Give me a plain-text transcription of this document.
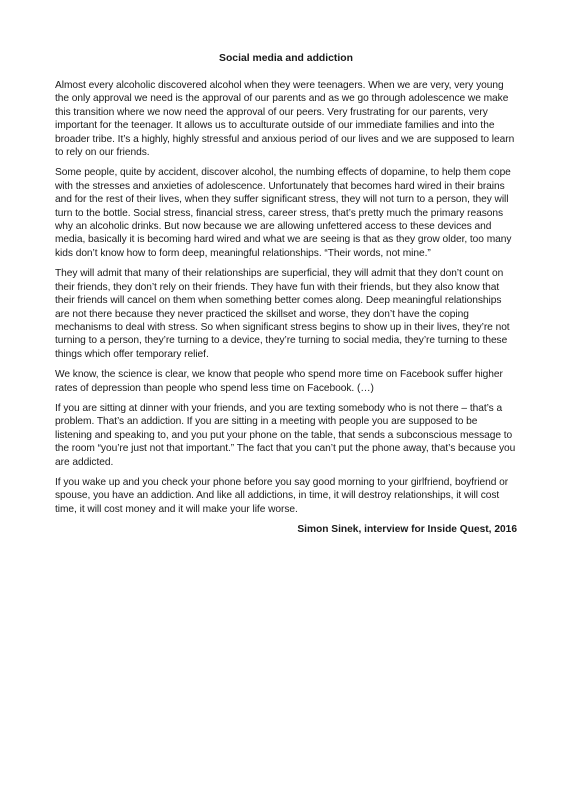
Social media and addiction

Almost every alcoholic discovered alcohol when they were teenagers. When we are very, very young the only approval we need is the approval of our parents and as we go through adolescence we make this transition where we now need the approval of our peers. Very frustrating for our parents, very important for the teenager. It allows us to acculturate outside of our immediate families and into the broader tribe. It’s a highly, highly stressful and anxious period of our lives and we are supposed to learn to rely on our friends.

Some people, quite by accident, discover alcohol, the numbing effects of dopamine, to help them cope with the stresses and anxieties of adolescence. Unfortunately that becomes hard wired in their brains and for the rest of their lives, when they suffer significant stress, they will not turn to a person, they will turn to the bottle. Social stress, financial stress, career stress, that’s pretty much the primary reasons why an alcoholic drinks. But now because we are allowing unfettered access to these devices and media, basically it is becoming hard wired and what we are seeing is that as they grow older, too many kids don’t know how to form deep, meaningful relationships. “Their words, not mine.”

They will admit that many of their relationships are superficial, they will admit that they don’t count on their friends, they don’t rely on their friends. They have fun with their friends, but they also know that their friends will cancel on them when something better comes along. Deep meaningful relationships are not there because they never practiced the skillset and worse, they don’t have the coping mechanisms to deal with stress. So when significant stress begins to show up in their lives, they’re not turning to a person, they’re turning to a device, they’re turning to social media, they’re turning to these things which offer temporary relief.

We know, the science is clear, we know that people who spend more time on Facebook suffer higher rates of depression than people who spend less time on Facebook. (…)

If you are sitting at dinner with your friends, and you are texting somebody who is not there – that’s a problem. That’s an addiction. If you are sitting in a meeting with people you are supposed to be listening and speaking to, and you put your phone on the table, that sends a subconscious message to the room “you’re just not that important.” The fact that you can’t put the phone away, that’s because you are addicted.

If you wake up and you check your phone before you say good morning to your girlfriend, boyfriend or spouse, you have an addiction. And like all addictions, in time, it will destroy relationships, it will cost time, it will cost money and it will make your life worse.

Simon Sinek, interview for Inside Quest, 2016
